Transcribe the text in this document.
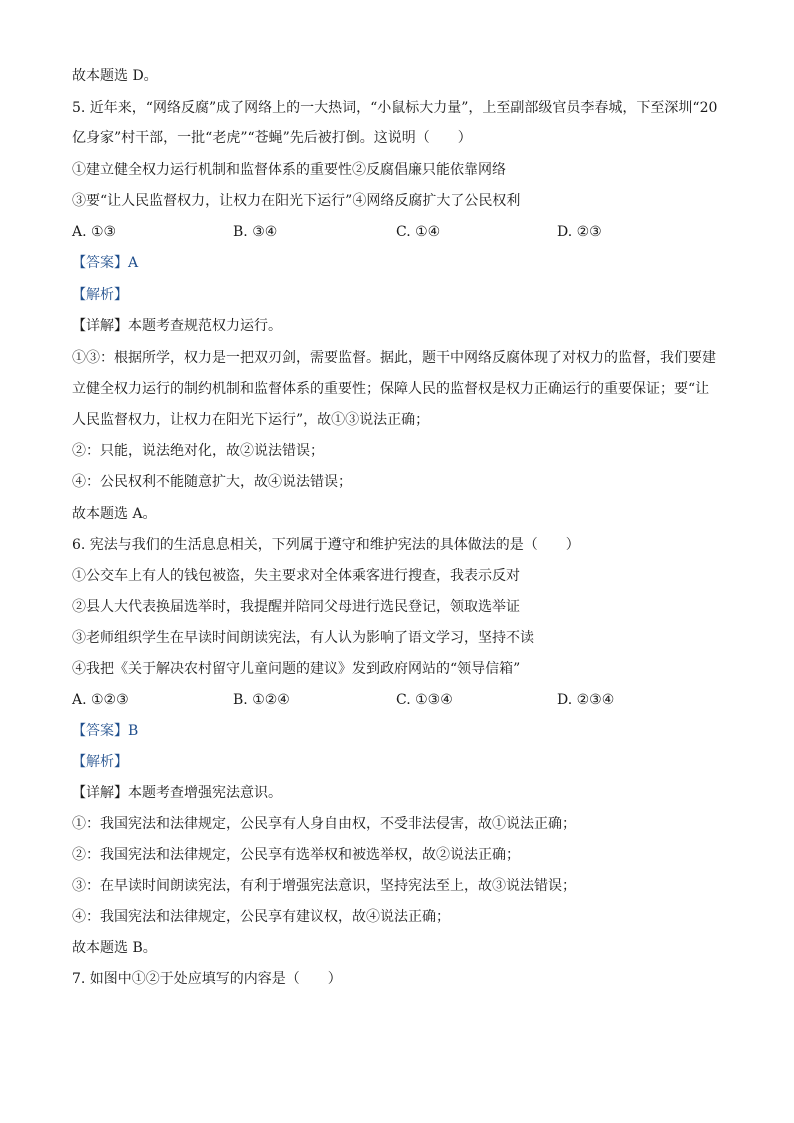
故本题选 D。
5. 近年来，“网络反腐”成了网络上的一大热词，“小鼠标大力量”，上至副部级官员李春城，下至深圳“20
亿身家”村干部，一批“老虎”“苍蝇”先后被打倒。这说明（　　）
①建立健全权力运行机制和监督体系的重要性②反腐倡廉只能依靠网络
③要“让人民监督权力，让权力在阳光下运行”④网络反腐扩大了公民权利
A. ①③	B. ③④	C. ①④	D. ②③
【答案】A
【解析】
【详解】本题考查规范权力运行。
①③：根据所学，权力是一把双刃剑，需要监督。据此，题干中网络反腐体现了对权力的监督，我们要建
立健全权力运行的制约机制和监督体系的重要性；保障人民的监督权是权力正确运行的重要保证；要“让
人民监督权力，让权力在阳光下运行”，故①③说法正确；
②：只能，说法绝对化，故②说法错误；
④：公民权利不能随意扩大，故④说法错误；
故本题选 A。
6. 宪法与我们的生活息息相关，下列属于遵守和维护宪法的具体做法的是（　　）
①公交车上有人的钱包被盗，失主要求对全体乘客进行搜查，我表示反对
②县人大代表换届选举时，我提醒并陪同父母进行选民登记，领取选举证
③老师组织学生在早读时间朗读宪法，有人认为影响了语文学习，坚持不读
④我把《关于解决农村留守儿童问题的建议》发到政府网站的“领导信箱”
A. ①②③	B. ①②④	C. ①③④	D. ②③④
【答案】B
【解析】
【详解】本题考查增强宪法意识。
①：我国宪法和法律规定，公民享有人身自由权，不受非法侵害，故①说法正确；
②：我国宪法和法律规定，公民享有选举权和被选举权，故②说法正确；
③：在早读时间朗读宪法，有利于增强宪法意识，坚持宪法至上，故③说法错误；
④：我国宪法和法律规定，公民享有建议权，故④说法正确；
故本题选 B。
7. 如图中①②于处应填写的内容是（　　）
